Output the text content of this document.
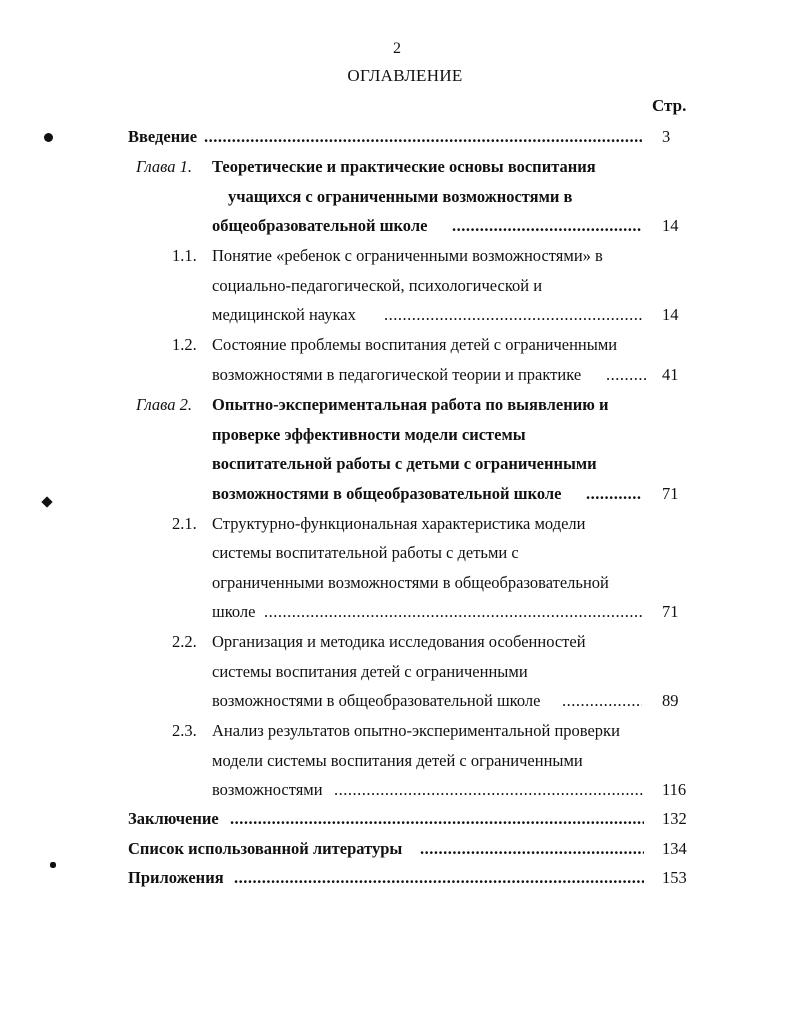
2
ОГЛАВЛЕНИЕ
Стр.
Введение .....	3
Глава 1. Теоретические и практические основы воспитания
учащихся с ограниченными возможностями в
общеобразовательной школе .....	14
1.1. Понятие «ребенок с ограниченными возможностями» в
социально-педагогической, психологической и
медицинской науках .....	14
1.2. Состояние проблемы воспитания детей с ограниченными
возможностями в педагогической теории и практике .....	41
Глава 2. Опытно-экспериментальная работа по выявлению и
проверке эффективности модели системы
воспитательной работы с детьми с ограниченными
возможностями в общеобразовательной школе .....	71
2.1. Структурно-функциональная характеристика модели
системы воспитательной работы с детьми с
ограниченными возможностями в общеобразовательной
школе .....	71
2.2. Организация и методика исследования особенностей
системы воспитания детей с ограниченными
возможностями в общеобразовательной школе .....	89
2.3. Анализ результатов опытно-экспериментальной проверки
модели системы воспитания детей с ограниченными
возможностями .....	116
Заключение .....	132
Список использованной литературы .....	134
Приложения .....	153
